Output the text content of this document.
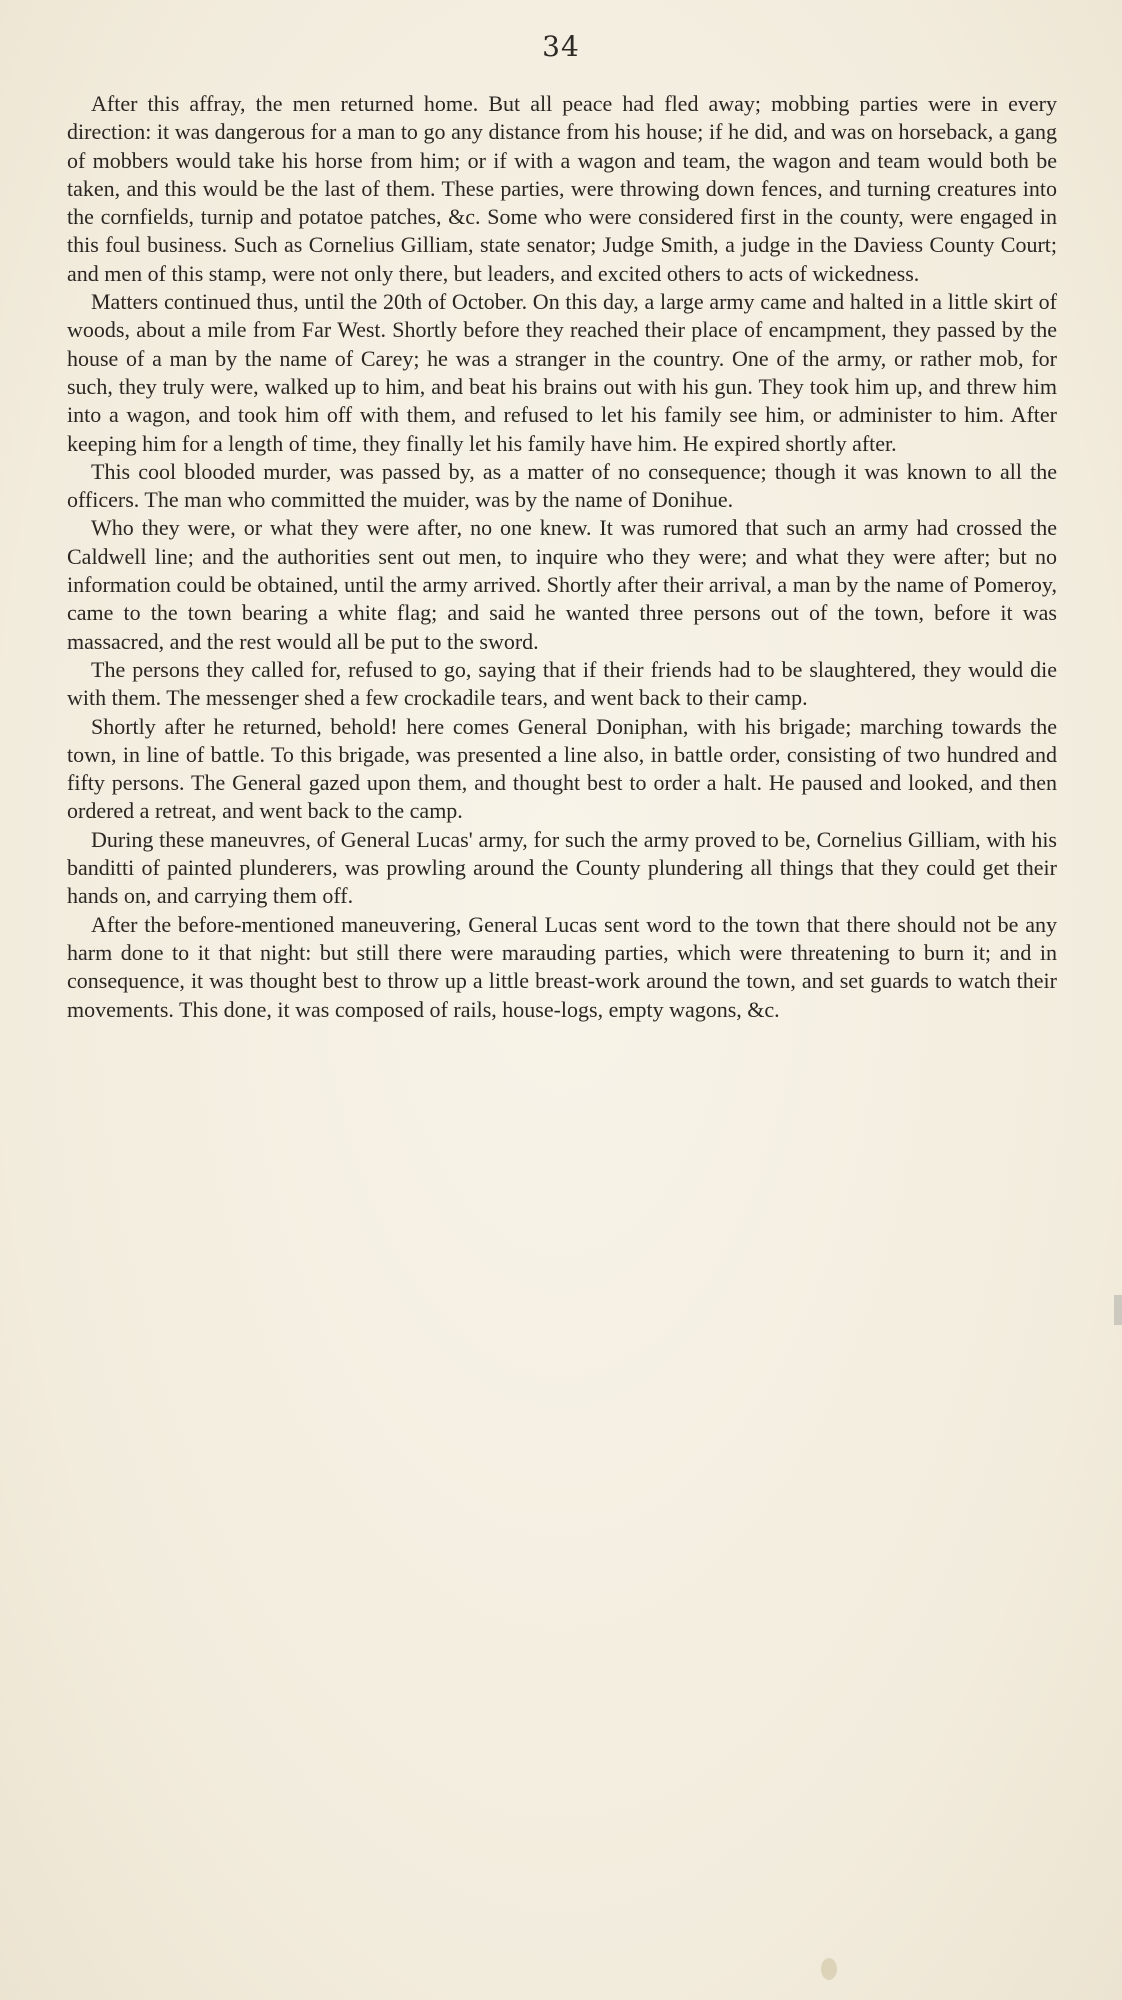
34

After this affray, the men returned home. But all peace had fled away; mobbing parties were in every direction: it was dangerous for a man to go any distance from his house; if he did, and was on horseback, a gang of mobbers would take his horse from him; or if with a wagon and team, the wagon and team would both be taken, and this would be the last of them. These parties, were throwing down fences, and turning creatures into the cornfields, turnip and potatoe patches, &c. Some who were considered first in the county, were engaged in this foul business. Such as Cornelius Gilliam, state senator; Judge Smith, a judge in the Daviess County Court; and men of this stamp, were not only there, but leaders, and excited others to acts of wickedness.

Matters continued thus, until the 20th of October. On this day, a large army came and halted in a little skirt of woods, about a mile from Far West. Shortly before they reached their place of encampment, they passed by the house of a man by the name of Carey; he was a stranger in the country. One of the army, or rather mob, for such, they truly were, walked up to him, and beat his brains out with his gun. They took him up, and threw him into a wagon, and took him off with them, and refused to let his family see him, or administer to him. After keeping him for a length of time, they finally let his family have him. He expired shortly after.

This cool blooded murder, was passed by, as a matter of no consequence; though it was known to all the officers. The man who committed the muider, was by the name of Donihue.

Who they were, or what they were after, no one knew. It was rumored that such an army had crossed the Caldwell line; and the authorities sent out men, to inquire who they were; and what they were after; but no information could be obtained, until the army arrived. Shortly after their arrival, a man by the name of Pomeroy, came to the town bearing a white flag; and said he wanted three persons out of the town, before it was massacred, and the rest would all be put to the sword.

The persons they called for, refused to go, saying that if their friends had to be slaughtered, they would die with them. The messenger shed a few crockadile tears, and went back to their camp.

Shortly after he returned, behold! here comes General Doniphan, with his brigade; marching towards the town, in line of battle. To this brigade, was presented a line also, in battle order, consisting of two hundred and fifty persons. The General gazed upon them, and thought best to order a halt. He paused and looked, and then ordered a retreat, and went back to the camp.

During these maneuvres, of General Lucas' army, for such the army proved to be, Cornelius Gilliam, with his banditti of painted plunderers, was prowling around the County plundering all things that they could get their hands on, and carrying them off.

After the before-mentioned maneuvering, General Lucas sent word to the town that there should not be any harm done to it that night: but still there were marauding parties, which were threatening to burn it; and in consequence, it was thought best to throw up a little breast-work around the town, and set guards to watch their movements. This done, it was composed of rails, house-logs, empty wagons, &c.
